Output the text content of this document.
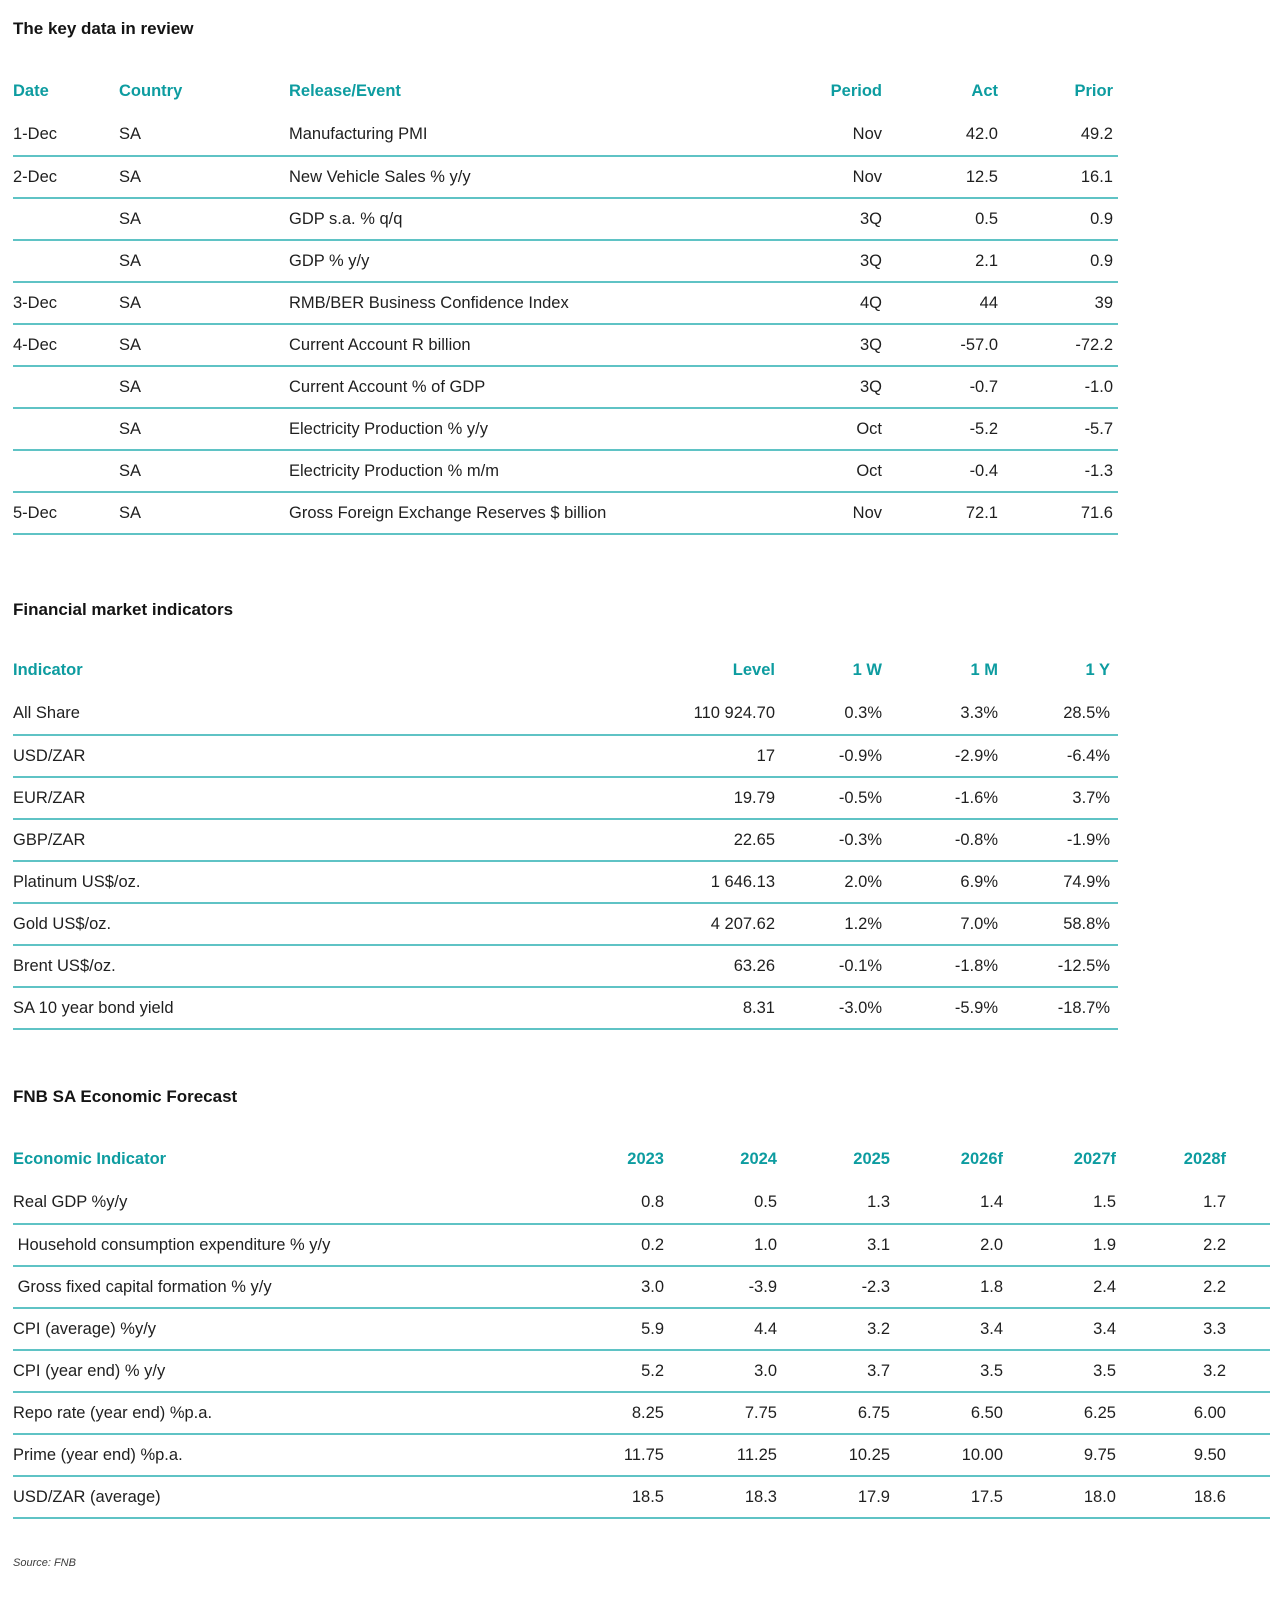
The key data in review
Date	Country	Release/Event	Period	Act	Prior
1-Dec	SA	Manufacturing PMI	Nov	42.0	49.2
2-Dec	SA	New Vehicle Sales % y/y	Nov	12.5	16.1
	SA	GDP s.a. % q/q	3Q	0.5	0.9
	SA	GDP % y/y	3Q	2.1	0.9
3-Dec	SA	RMB/BER Business Confidence Index	4Q	44	39
4-Dec	SA	Current Account R billion	3Q	-57.0	-72.2
	SA	Current Account % of GDP	3Q	-0.7	-1.0
	SA	Electricity Production % y/y	Oct	-5.2	-5.7
	SA	Electricity Production % m/m	Oct	-0.4	-1.3
5-Dec	SA	Gross Foreign Exchange Reserves $ billion	Nov	72.1	71.6
Financial market indicators
Indicator	Level	1 W	1 M	1 Y
All Share	110 924.70	0.3%	3.3%	28.5%
USD/ZAR	17	-0.9%	-2.9%	-6.4%
EUR/ZAR	19.79	-0.5%	-1.6%	3.7%
GBP/ZAR	22.65	-0.3%	-0.8%	-1.9%
Platinum US$/oz.	1 646.13	2.0%	6.9%	74.9%
Gold US$/oz.	4 207.62	1.2%	7.0%	58.8%
Brent US$/oz.	63.26	-0.1%	-1.8%	-12.5%
SA 10 year bond yield	8.31	-3.0%	-5.9%	-18.7%
FNB SA Economic Forecast
Economic Indicator	2023	2024	2025	2026f	2027f	2028f
Real GDP %y/y	0.8	0.5	1.3	1.4	1.5	1.7
Household consumption expenditure % y/y	0.2	1.0	3.1	2.0	1.9	2.2
Gross fixed capital formation % y/y	3.0	-3.9	-2.3	1.8	2.4	2.2
CPI (average) %y/y	5.9	4.4	3.2	3.4	3.4	3.3
CPI (year end) % y/y	5.2	3.0	3.7	3.5	3.5	3.2
Repo rate (year end) %p.a.	8.25	7.75	6.75	6.50	6.25	6.00
Prime (year end) %p.a.	11.75	11.25	10.25	10.00	9.75	9.50
USD/ZAR (average)	18.5	18.3	17.9	17.5	18.0	18.6
Source: FNB
